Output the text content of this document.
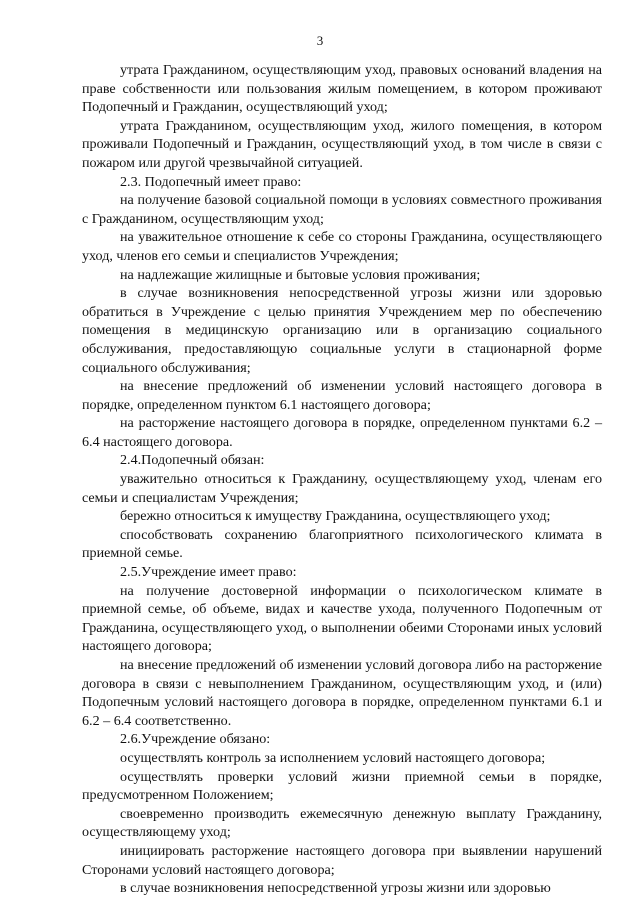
3

утрата Гражданином, осуществляющим уход, правовых оснований владения на праве собственности или пользования жилым помещением, в котором проживают Подопечный и Гражданин, осуществляющий уход;

утрата Гражданином, осуществляющим уход, жилого помещения, в котором проживали Подопечный и Гражданин, осуществляющий уход, в том числе в связи с пожаром или другой чрезвычайной ситуацией.

2.3. Подопечный имеет право:

на получение базовой социальной помощи в условиях совместного проживания с Гражданином, осуществляющим уход;

на уважительное отношение к себе со стороны Гражданина, осуществляющего уход, членов его семьи и специалистов Учреждения;

на надлежащие жилищные и бытовые условия проживания;

в случае возникновения непосредственной угрозы жизни или здоровью обратиться в Учреждение с целью принятия Учреждением мер по обеспечению помещения в медицинскую организацию или в организацию социального обслуживания, предоставляющую социальные услуги в стационарной форме социального обслуживания;

на внесение предложений об изменении условий настоящего договора в порядке, определенном пунктом 6.1 настоящего договора;

на расторжение настоящего договора в порядке, определенном пунктами 6.2 – 6.4 настоящего договора.

2.4.Подопечный обязан:

уважительно относиться к Гражданину, осуществляющему уход, членам его семьи и специалистам Учреждения;

бережно относиться к имуществу Гражданина, осуществляющего уход;

способствовать сохранению благоприятного психологического климата в приемной семье.

2.5.Учреждение имеет право:

на получение достоверной информации о психологическом климате в приемной семье, об объеме, видах и качестве ухода, полученного Подопечным от Гражданина, осуществляющего уход, о выполнении обеими Сторонами иных условий настоящего договора;

на внесение предложений об изменении условий договора либо на расторжение договора в связи с невыполнением Гражданином, осуществляющим уход, и (или) Подопечным условий настоящего договора в порядке, определенном пунктами 6.1 и 6.2 – 6.4 соответственно.

2.6.Учреждение обязано:

осуществлять контроль за исполнением условий настоящего договора;

осуществлять проверки условий жизни приемной семьи в порядке, предусмотренном Положением;

своевременно производить ежемесячную денежную выплату Гражданину, осуществляющему уход;

инициировать расторжение настоящего договора при выявлении нарушений Сторонами условий настоящего договора;

в случае возникновения непосредственной угрозы жизни или здоровью
